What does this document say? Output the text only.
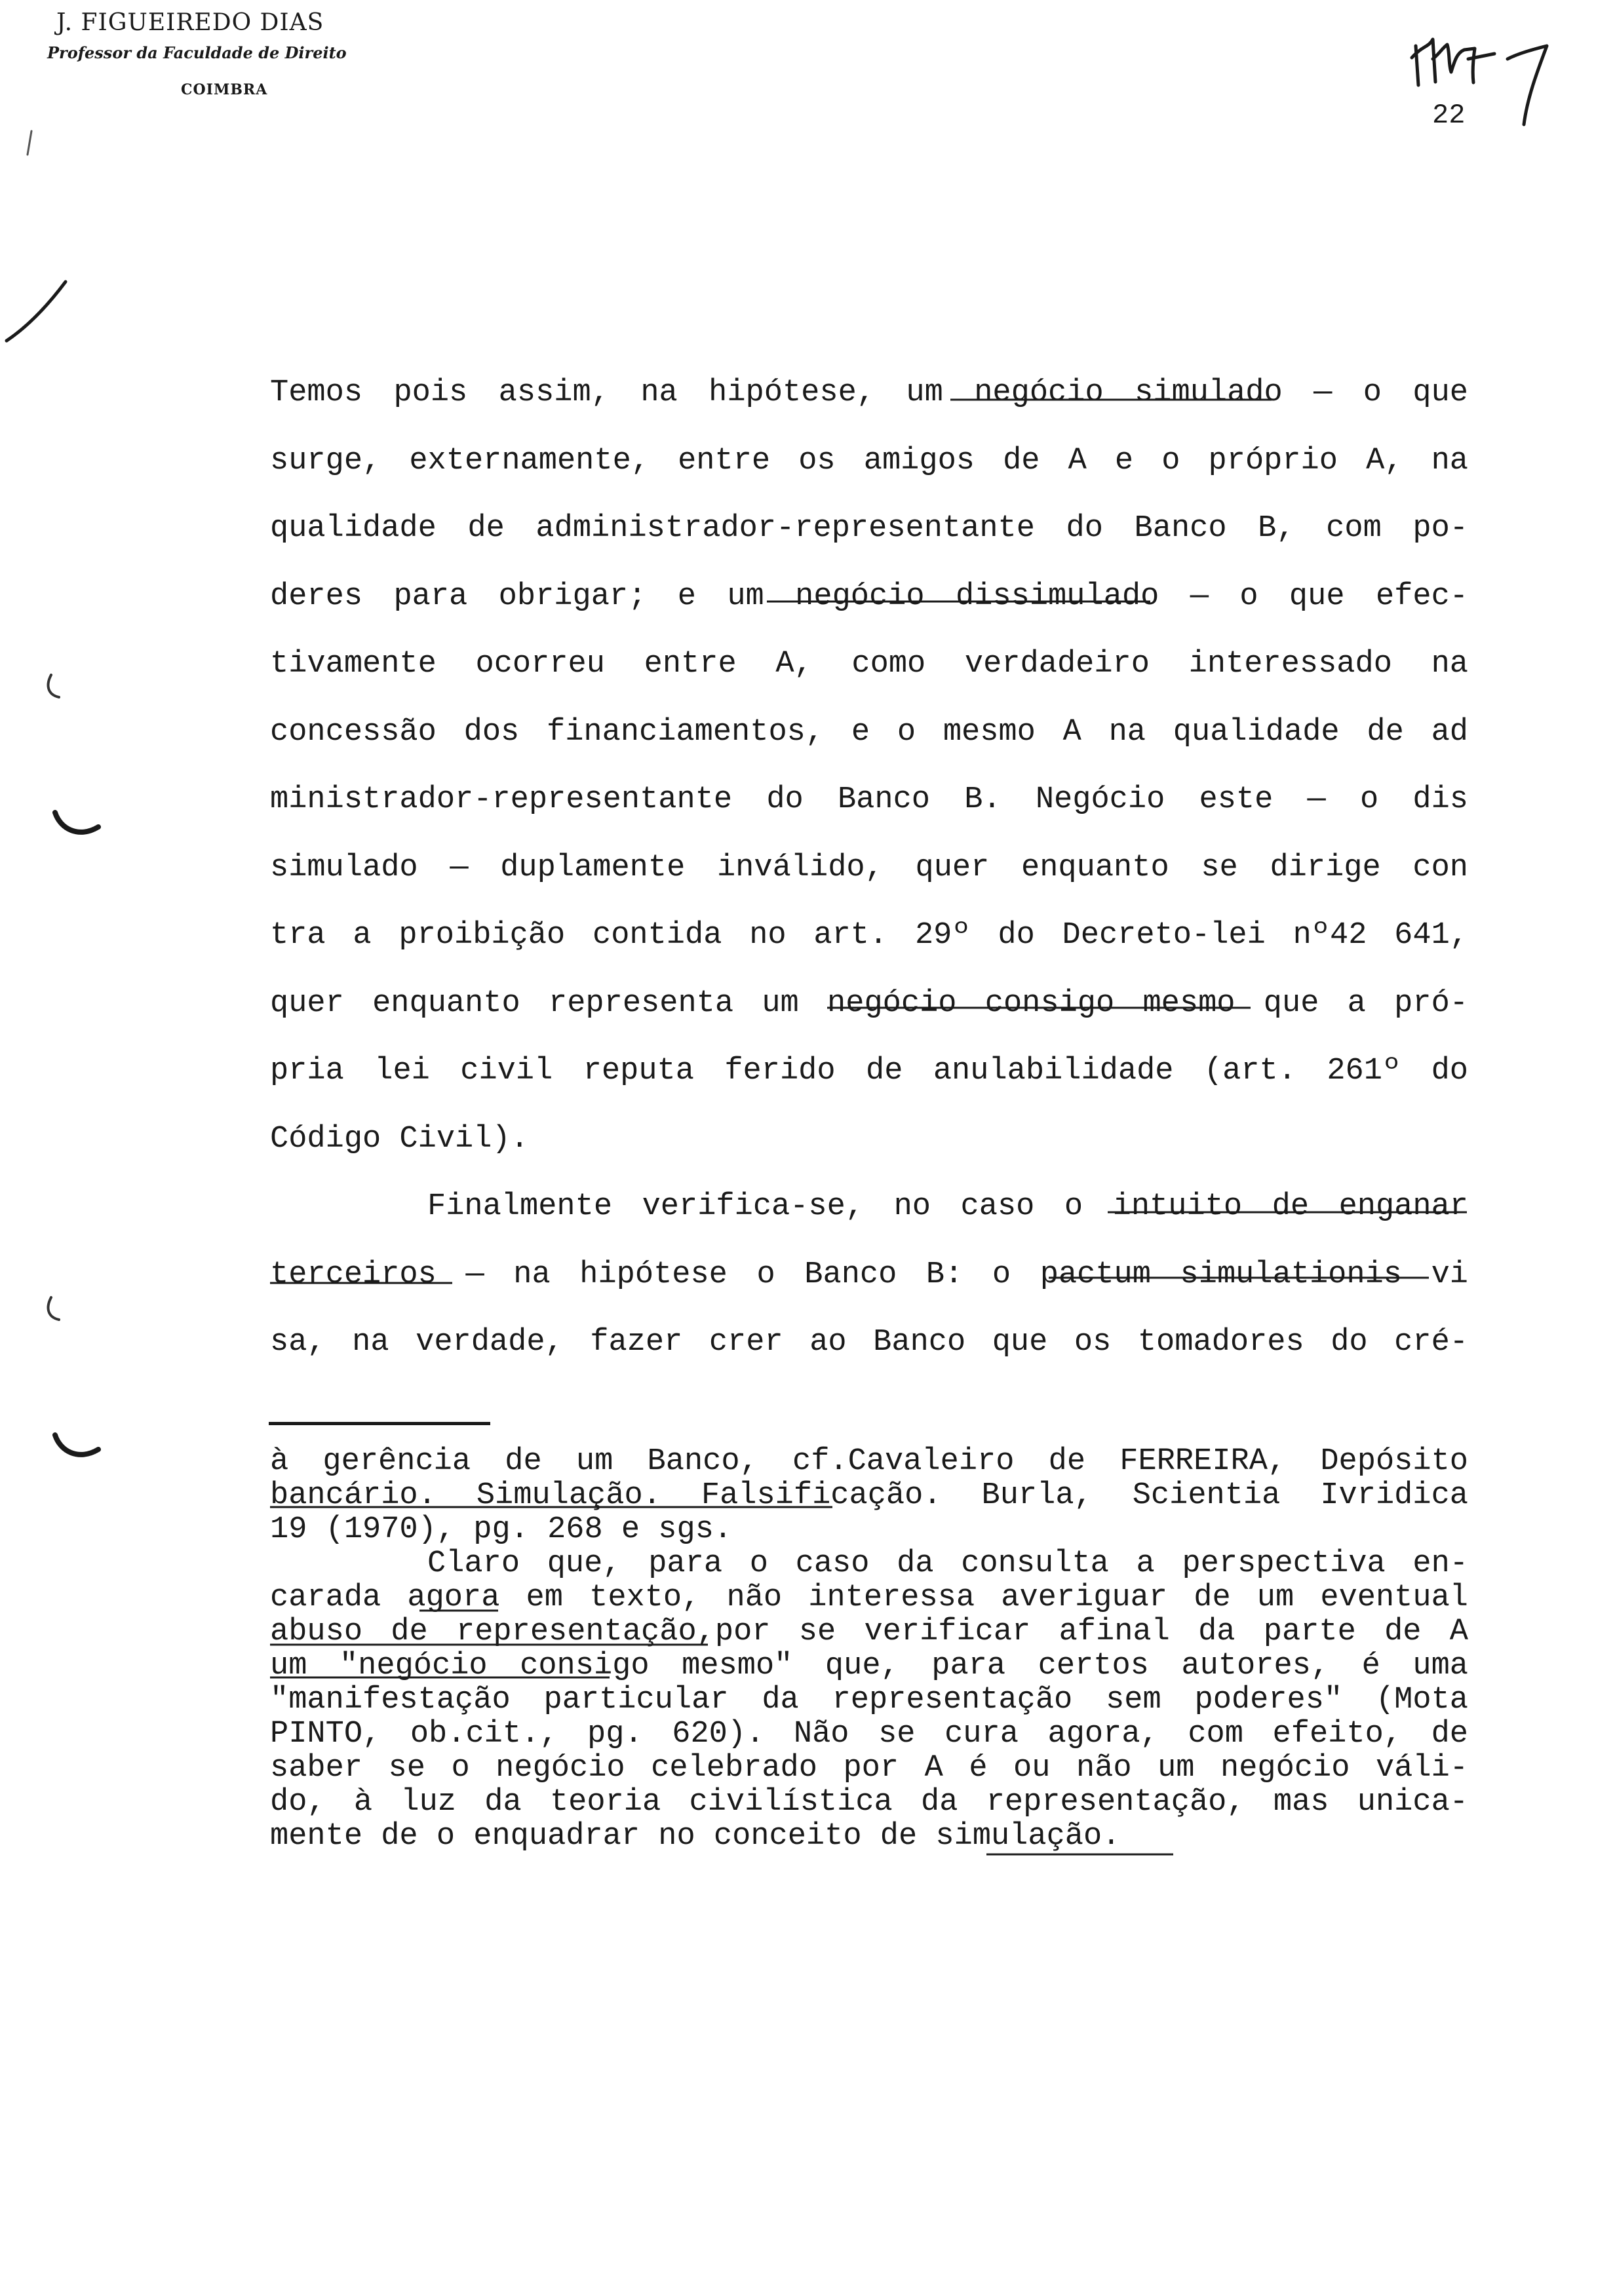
J. FIGUEIREDO DIAS
Professor da Faculdade de Direito
COIMBRA
22
Temos pois assim, na hipótese, um negócio simulado — o que
surge, externamente, entre os amigos de A e o próprio A, na
qualidade de administrador-representante do Banco B, com po-
deres para obrigar; e um negócio dissimulado — o que efec-
tivamente ocorreu entre A, como verdadeiro interessado na
concessão dos financiamentos, e o mesmo A na qualidade de ad
ministrador-representante do Banco B. Negócio este — o dis
simulado — duplamente inválido, quer enquanto se dirige con
tra a proibição contida no art. 29º do Decreto-lei nº42 641,
quer enquanto representa um negócio consigo mesmo que a pró-
pria lei civil reputa ferido de anulabilidade (art. 261º do
Código Civil).
Finalmente verifica-se, no caso o intuito de enganar
terceiros — na hipótese o Banco B: o pactum simulationis vi
sa, na verdade, fazer crer ao Banco que os tomadores do cré-
à gerência de um Banco, cf.Cavaleiro de FERREIRA, Depósito
bancário. Simulação. Falsificação. Burla, Scientia Ivridica
19 (1970), pg. 268 e sgs.
Claro que, para o caso da consulta a perspectiva en-
carada agora em texto, não interessa averiguar de um eventual
abuso de representação,por se verificar afinal da parte de A
um "negócio consigo mesmo" que, para certos autores, é uma
"manifestação particular da representação sem poderes" (Mota
PINTO, ob.cit., pg. 620). Não se cura agora, com efeito, de
saber se o negócio celebrado por A é ou não um negócio váli-
do, à luz da teoria civilística da representação, mas unica-
mente de o enquadrar no conceito de simulação.
